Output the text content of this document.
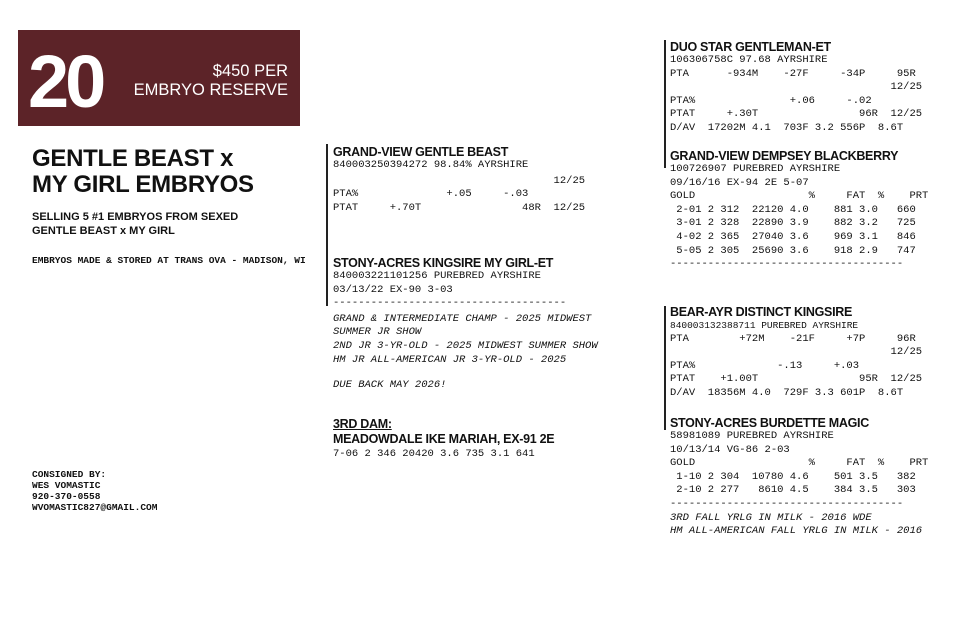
20	$450 PER
EMBRYO RESERVE
GENTLE BEAST x
MY GIRL EMBRYOS
SELLING 5 #1 EMBRYOS FROM SEXED GENTLE BEAST x MY GIRL
EMBRYOS MADE & STORED AT TRANS OVA - MADISON, WI
CONSIGNED BY:
WES VOMASTIC
920-370-0558
WVOMASTIC827@GMAIL.COM
GRAND-VIEW GENTLE BEAST
840003250394272 98.84% AYRSHIRE
12/25
PTA%              +.05     -.03
PTAT     +.70T                48R  12/25
STONY-ACRES KINGSIRE MY GIRL-ET
840003221101256 PUREBRED AYRSHIRE
03/13/22 EX-90 3-03
-------------------------------------
GRAND & INTERMEDIATE CHAMP - 2025 MIDWEST
SUMMER JR SHOW
2ND JR 3-YR-OLD - 2025 MIDWEST SUMMER SHOW
HM JR ALL-AMERICAN JR 3-YR-OLD - 2025
DUE BACK MAY 2026!
3RD DAM:
MEADOWDALE IKE MARIAH, EX-91 2E
7-06 2 346 20420 3.6 735 3.1 641
DUO STAR GENTLEMAN-ET
106306758C 97.68 AYRSHIRE
PTA      -934M    -27F     -34P     95R
12/25
PTA%               +.06     -.02
PTAT     +.30T                96R  12/25
D/AV  17202M 4.1  703F 3.2 556P  8.6T
GRAND-VIEW DEMPSEY BLACKBERRY
100726907 PUREBRED AYRSHIRE
09/16/16 EX-94 2E 5-07
GOLD                  %     FAT  %    PRT
2-01 2 312  22120 4.0    881 3.0   660
3-01 2 328  22890 3.9    882 3.2   725
4-02 2 365  27040 3.6    969 3.1   846
5-05 2 305  25690 3.6    918 2.9   747
-------------------------------------
BEAR-AYR DISTINCT KINGSIRE
840003132388711 PUREBRED AYRSHIRE
PTA        +72M    -21F     +7P     96R
12/25
PTA%             -.13     +.03
PTAT    +1.00T                95R  12/25
D/AV  18356M 4.0  729F 3.3 601P  8.6T
STONY-ACRES BURDETTE MAGIC
58981089 PUREBRED AYRSHIRE
10/13/14 VG-86 2-03
GOLD                  %     FAT  %    PRT
1-10 2 304  10780 4.6    501 3.5   382
2-10 2 277   8610 4.5    384 3.5   303
-------------------------------------
3RD FALL YRLG IN MILK - 2016 WDE
HM ALL-AMERICAN FALL YRLG IN MILK - 2016
